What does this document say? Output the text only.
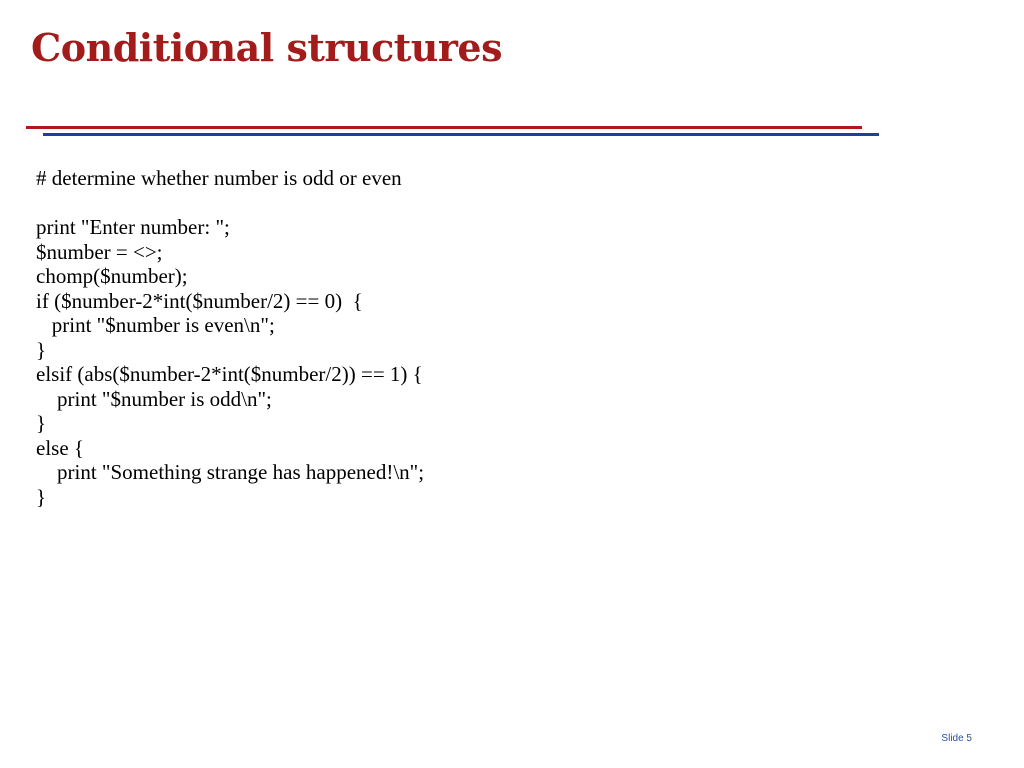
Conditional structures
# determine whether number is odd or even
print "Enter number: ";
$number = <>;
chomp($number);
if ($number-2*int($number/2) == 0)  {
print "$number is even\n";
}
elsif (abs($number-2*int($number/2)) == 1) {
print "$number is odd\n";
}
else {
print "Something strange has happened!\n";
}
Slide 5
